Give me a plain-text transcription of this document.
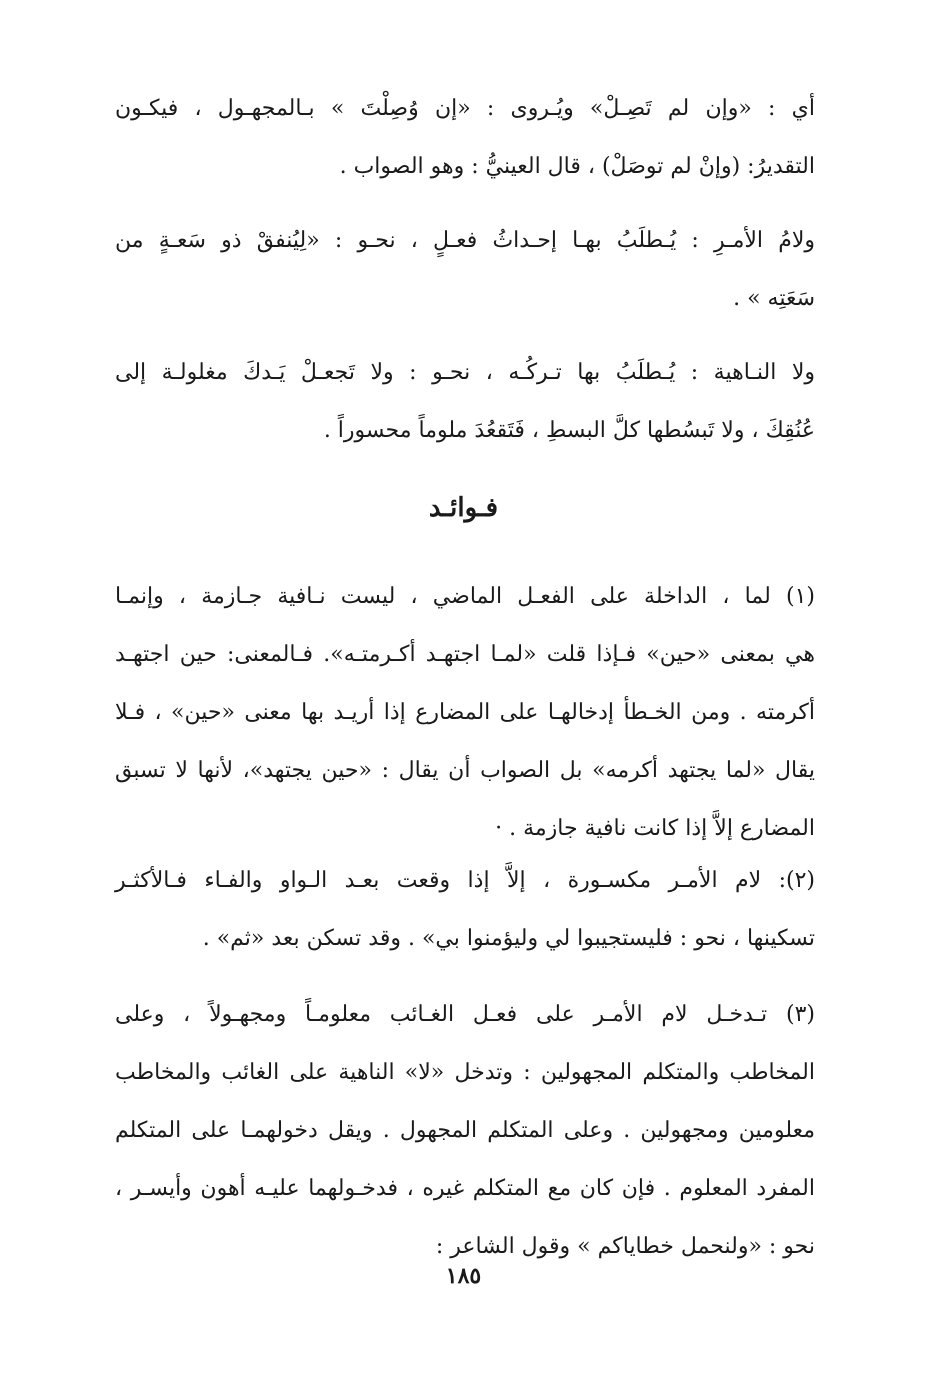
أي : «وإن لم تَصِـلْ» ويُـروى : «إن وُصِلْتَ » بـالمجهـول ، فيكـون
التقديرُ: (وإنْ لم توصَلْ) ، قال العينيُّ : وهو الصواب .
ولامُ الأمـرِ : يُـطلَبُ بهـا إحـداثُ فعـلٍ ، نحـو : «لِيُنفقْ ذو سَعـةٍ من
سَعَتِه » .
ولا النـاهية : يُـطلَبُ بها تـركُـه ، نحـو : ولا تَجعـلْ يَـدكَ مغلولـة إلى
عُنُقِكَ ، ولا تَبسُطها كلَّ البسطِ ، فَتَقعُدَ ملوماً محسوراً .
فـوائـد
(١) لما ، الداخلة على الفعـل الماضي ، ليست نـافية جـازمة ، وإنمـا
هي بمعنى «حين» فـإذا قلت «لمـا اجتهـد أكـرمتـه». فـالمعنى: حين اجتهـد
أكرمته . ومن الخـطأ إدخالهـا على المضارع إذا أريـد بها معنى «حين» ، فـلا
يقال «لما يجتهد أكرمه» بل الصواب أن يقال : «حين يجتهد»، لأنها لا تسبق
المضارع إلاَّ إذا كانت نافية جازمة . ·
(٢): لام الأمـر مكسـورة ، إلاَّ إذا وقعت بعـد الـواو والفـاء فـالأكثـر
تسكينها ، نحو : فليستجيبوا لي وليؤمنوا بي» . وقد تسكن بعد «ثم» .
(٣) تـدخـل لام الأمـر على فعـل الغـائب معلومـاً ومجهـولاً ، وعلى
المخاطب والمتكلم المجهولين : وتدخل «لا» الناهية على الغائب والمخاطب
معلومين ومجهولين . وعلى المتكلم المجهول . ويقل دخولهمـا على المتكلم
المفرد المعلوم . فإن كان مع المتكلم غيره ، فدخـولهما عليـه أهون وأيسـر ،
نحو : «ولنحمل خطاياكم » وقول الشاعر :
١٨٥
